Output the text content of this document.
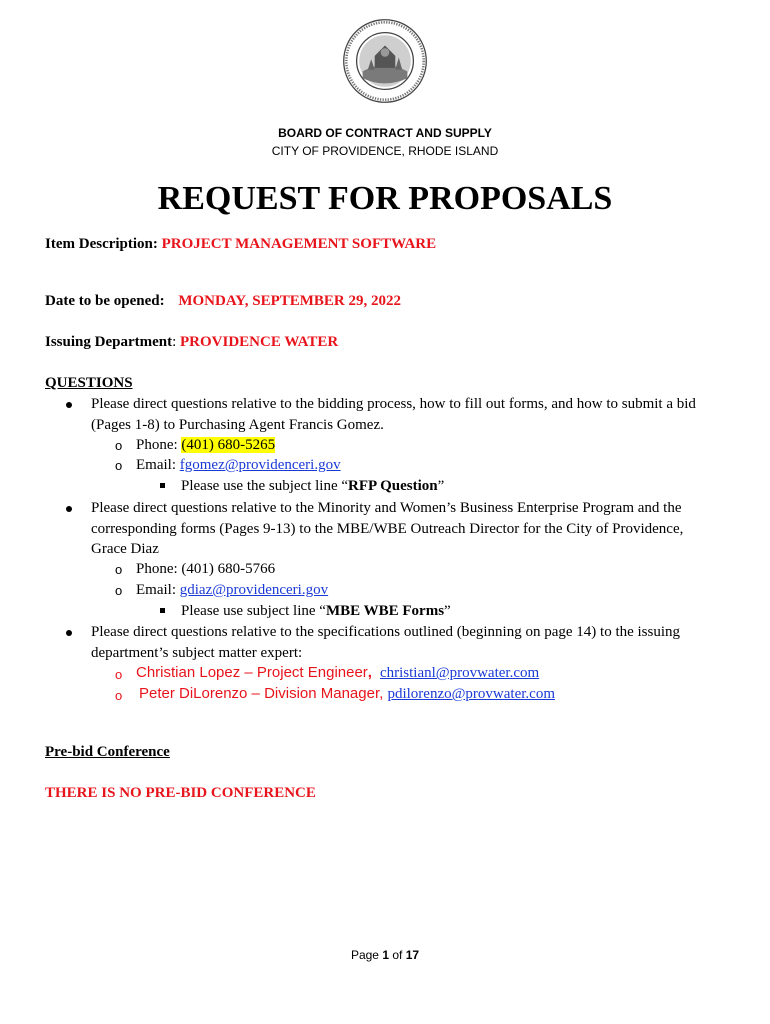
BOARD OF CONTRACT AND SUPPLY
CITY OF PROVIDENCE, RHODE ISLAND
REQUEST FOR PROPOSALS
Item Description: PROJECT MANAGEMENT SOFTWARE
Date to be opened: MONDAY, SEPTEMBER 29, 2022
Issuing Department: PROVIDENCE WATER
QUESTIONS
Please direct questions relative to the bidding process, how to fill out forms, and how to submit a bid
(Pages 1-8) to Purchasing Agent Francis Gomez.
o Phone: (401) 680-5265
o Email: fgomez@providenceri.gov
Please use the subject line “RFP Question”
Please direct questions relative to the Minority and Women’s Business Enterprise Program and the
corresponding forms (Pages 9-13) to the MBE/WBE Outreach Director for the City of Providence,
Grace Diaz
o Phone: (401) 680-5766
o Email: gdiaz@providenceri.gov
Please use subject line “MBE WBE Forms”
Please direct questions relative to the specifications outlined (beginning on page 14) to the issuing
department’s subject matter expert:
o Christian Lopez – Project Engineer, christianl@provwater.com
o Peter DiLorenzo – Division Manager, pdilorenzo@provwater.com
Pre-bid Conference
THERE IS NO PRE-BID CONFERENCE
Page 1 of 17
